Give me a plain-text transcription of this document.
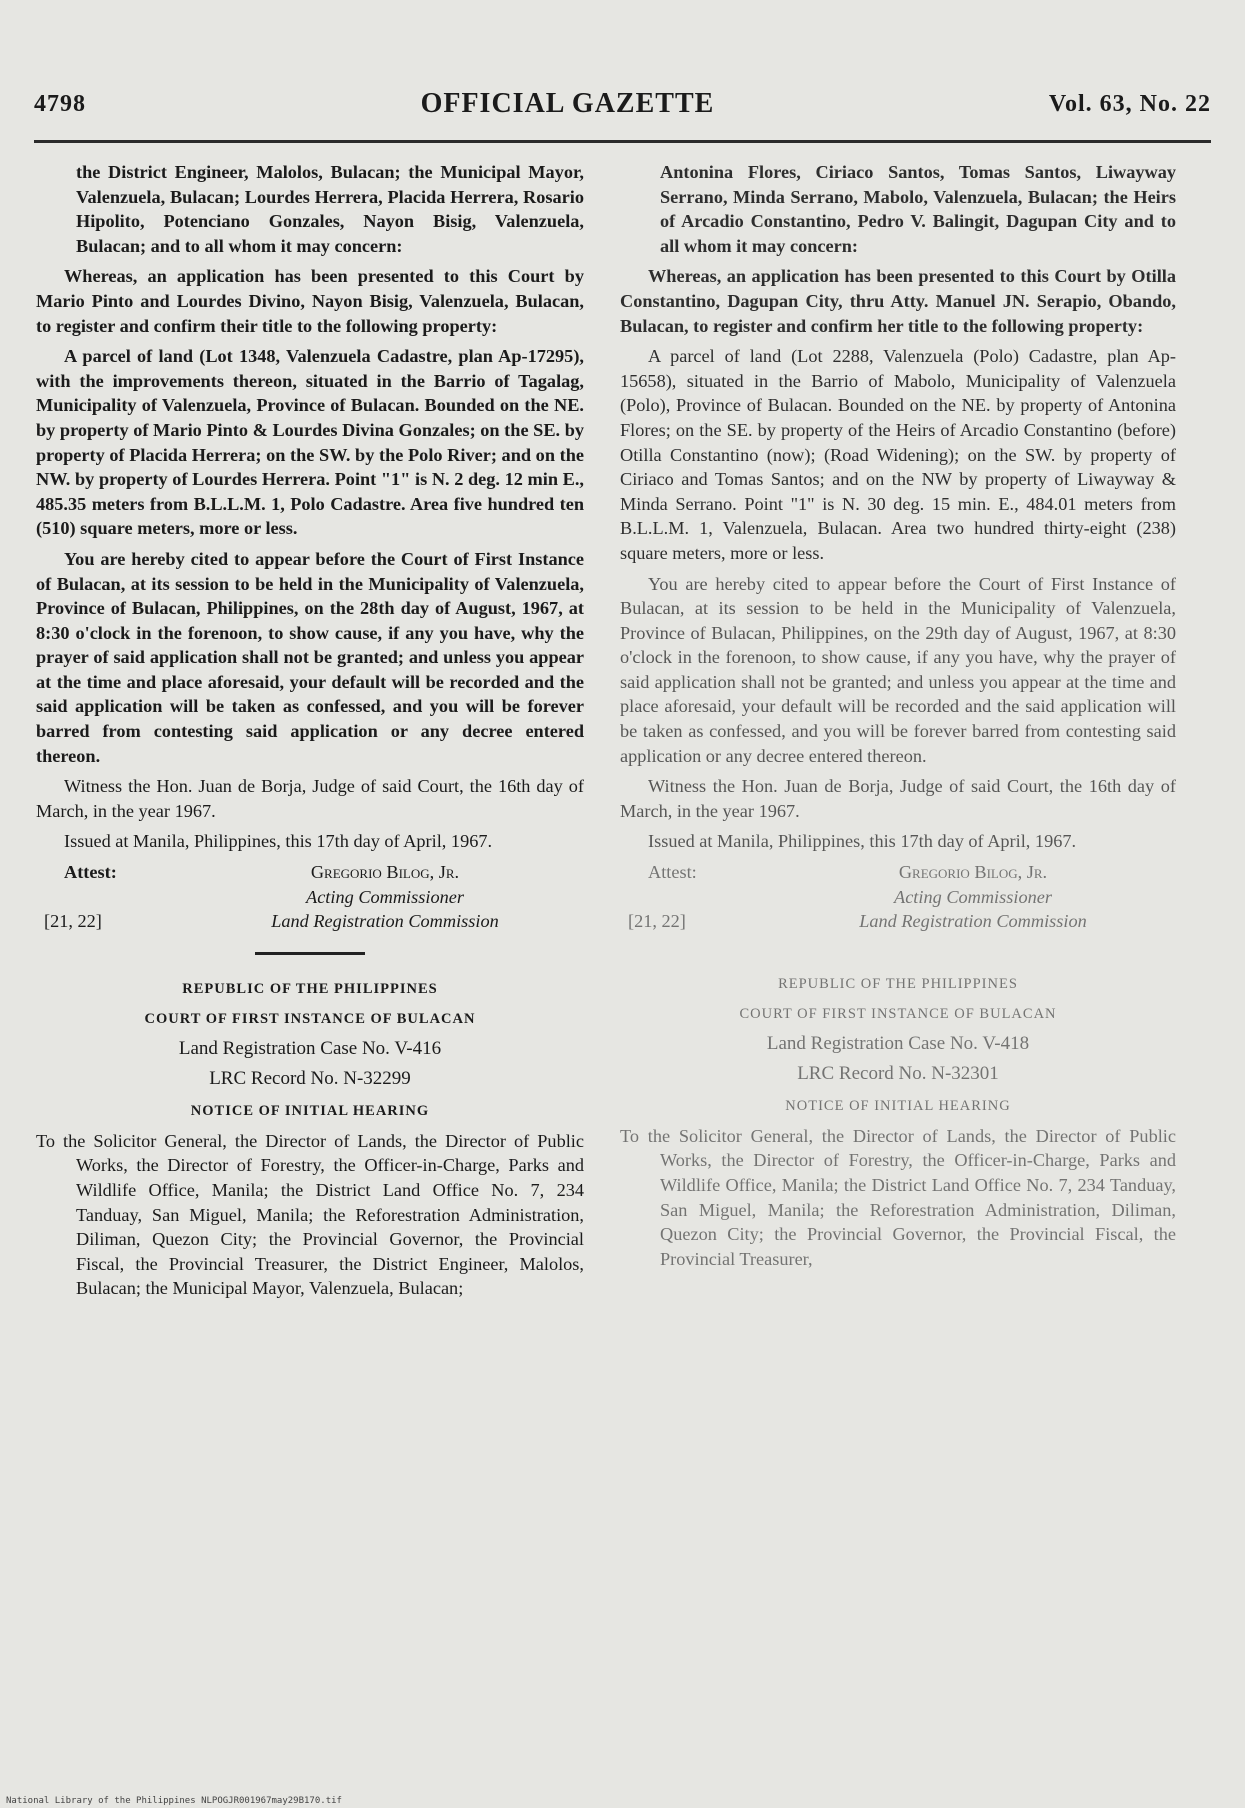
4798	OFFICIAL GAZETTE	Vol. 63, No. 22

the District Engineer, Malolos, Bulacan; the Municipal Mayor, Valenzuela, Bulacan; Lourdes Herrera, Placida Herrera, Rosario Hipolito, Potenciano Gonzales, Nayon Bisig, Valenzuela, Bulacan; and to all whom it may concern:

Whereas, an application has been presented to this Court by Mario Pinto and Lourdes Divino, Nayon Bisig, Valenzuela, Bulacan, to register and confirm their title to the following property:

A parcel of land (Lot 1348, Valenzuela Cadastre, plan Ap-17295), with the improvements thereon, situated in the Barrio of Tagalag, Municipality of Valenzuela, Province of Bulacan. Bounded on the NE. by property of Mario Pinto & Lourdes Divina Gonzales; on the SE. by property of Placida Herrera; on the SW. by the Polo River; and on the NW. by property of Lourdes Herrera. Point "1" is N. 2 deg. 12 min E., 485.35 meters from B.L.L.M. 1, Polo Cadastre. Area five hundred ten (510) square meters, more or less.

You are hereby cited to appear before the Court of First Instance of Bulacan, at its session to be held in the Municipality of Valenzuela, Province of Bulacan, Philippines, on the 28th day of August, 1967, at 8:30 o'clock in the forenoon, to show cause, if any you have, why the prayer of said application shall not be granted; and unless you appear at the time and place aforesaid, your default will be recorded and the said application will be taken as confessed, and you will be forever barred from contesting said application or any decree entered thereon.

Witness the Hon. Juan de Borja, Judge of said Court, the 16th day of March, in the year 1967.

Issued at Manila, Philippines, this 17th day of April, 1967.

Attest:	Gregorio Bilog, Jr.
Acting Commissioner
[21, 22]	Land Registration Commission

REPUBLIC OF THE PHILIPPINES

COURT OF FIRST INSTANCE OF BULACAN

Land Registration Case No. V-416

LRC Record No. N-32299

NOTICE OF INITIAL HEARING

To the Solicitor General, the Director of Lands, the Director of Public Works, the Director of Forestry, the Officer-in-Charge, Parks and Wildlife Office, Manila; the District Land Office No. 7, 234 Tanduay, San Miguel, Manila; the Reforestration Administration, Diliman, Quezon City; the Provincial Governor, the Provincial Fiscal, the Provincial Treasurer, the District Engineer, Malolos, Bulacan; the Municipal Mayor, Valenzuela, Bulacan;

Antonina Flores, Ciriaco Santos, Tomas Santos, Liwayway Serrano, Minda Serrano, Mabolo, Valenzuela, Bulacan; the Heirs of Arcadio Constantino, Pedro V. Balingit, Dagupan City and to all whom it may concern:

Whereas, an application has been presented to this Court by Otilla Constantino, Dagupan City, thru Atty. Manuel JN. Serapio, Obando, Bulacan, to register and confirm her title to the following property:

A parcel of land (Lot 2288, Valenzuela (Polo) Cadastre, plan Ap-15658), situated in the Barrio of Mabolo, Municipality of Valenzuela (Polo), Province of Bulacan. Bounded on the NE. by property of Antonina Flores; on the SE. by property of the Heirs of Arcadio Constantino (before) Otilla Constantino (now); (Road Widening); on the SW. by property of Ciriaco and Tomas Santos; and on the NW by property of Liwayway & Minda Serrano. Point "1" is N. 30 deg. 15 min. E., 484.01 meters from B.L.L.M. 1, Valenzuela, Bulacan. Area two hundred thirty-eight (238) square meters, more or less.

You are hereby cited to appear before the Court of First Instance of Bulacan, at its session to be held in the Municipality of Valenzuela, Province of Bulacan, Philippines, on the 29th day of August, 1967, at 8:30 o'clock in the forenoon, to show cause, if any you have, why the prayer of said application shall not be granted; and unless you appear at the time and place aforesaid, your default will be recorded and the said application will be taken as confessed, and you will be forever barred from contesting said application or any decree entered thereon.

Witness the Hon. Juan de Borja, Judge of said Court, the 16th day of March, in the year 1967.

Issued at Manila, Philippines, this 17th day of April, 1967.

Attest:	Gregorio Bilog, Jr.
Acting Commissioner
[21, 22]	Land Registration Commission

REPUBLIC OF THE PHILIPPINES

COURT OF FIRST INSTANCE OF BULACAN

Land Registration Case No. V-418

LRC Record No. N-32301

NOTICE OF INITIAL HEARING

To the Solicitor General, the Director of Lands, the Director of Public Works, the Director of Forestry, the Officer-in-Charge, Parks and Wildlife Office, Manila; the District Land Office No. 7, 234 Tanduay, San Miguel, Manila; the Reforestration Administration, Diliman, Quezon City; the Provincial Governor, the Provincial Fiscal, the Provincial Treasurer,

National Library of the Philippines NLPOGJR001967may29B170.tif
